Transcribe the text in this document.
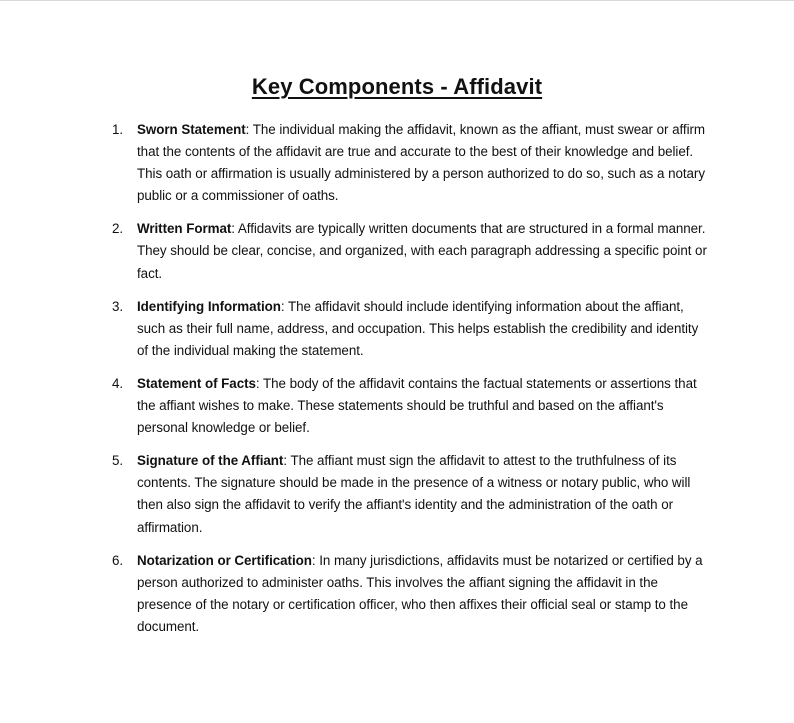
Key Components - Affidavit
1. Sworn Statement: The individual making the affidavit, known as the affiant, must swear or affirm that the contents of the affidavit are true and accurate to the best of their knowledge and belief. This oath or affirmation is usually administered by a person authorized to do so, such as a notary public or a commissioner of oaths.
2. Written Format: Affidavits are typically written documents that are structured in a formal manner. They should be clear, concise, and organized, with each paragraph addressing a specific point or fact.
3. Identifying Information: The affidavit should include identifying information about the affiant, such as their full name, address, and occupation. This helps establish the credibility and identity of the individual making the statement.
4. Statement of Facts: The body of the affidavit contains the factual statements or assertions that the affiant wishes to make. These statements should be truthful and based on the affiant's personal knowledge or belief.
5. Signature of the Affiant: The affiant must sign the affidavit to attest to the truthfulness of its contents. The signature should be made in the presence of a witness or notary public, who will then also sign the affidavit to verify the affiant's identity and the administration of the oath or affirmation.
6. Notarization or Certification: In many jurisdictions, affidavits must be notarized or certified by a person authorized to administer oaths. This involves the affiant signing the affidavit in the presence of the notary or certification officer, who then affixes their official seal or stamp to the document.
